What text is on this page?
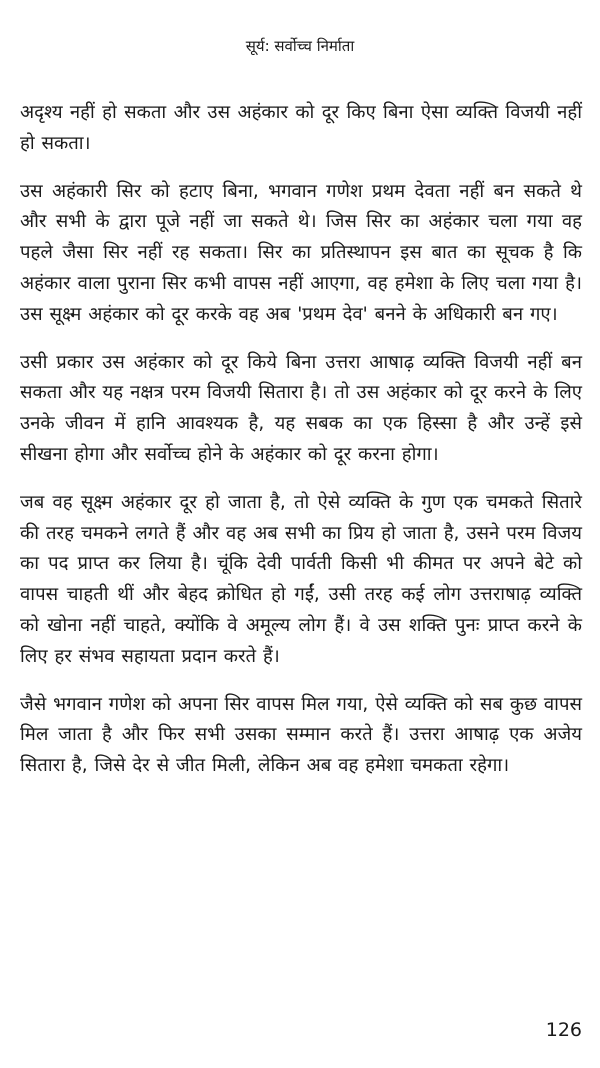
सूर्य: सर्वोच्च निर्माता

अदृश्य नहीं हो सकता और उस अहंकार को दूर किए बिना ऐसा व्यक्ति विजयी नहीं हो सकता।

उस अहंकारी सिर को हटाए बिना, भगवान गणेश प्रथम देवता नहीं बन सकते थे और सभी के द्वारा पूजे नहीं जा सकते थे। जिस सिर का अहंकार चला गया वह पहले जैसा सिर नहीं रह सकता। सिर का प्रतिस्थापन इस बात का सूचक है कि अहंकार वाला पुराना सिर कभी वापस नहीं आएगा, वह हमेशा के लिए चला गया है। उस सूक्ष्म अहंकार को दूर करके वह अब 'प्रथम देव' बनने के अधिकारी बन गए।

उसी प्रकार उस अहंकार को दूर किये बिना उत्तरा आषाढ़ व्यक्ति विजयी नहीं बन सकता और यह नक्षत्र परम विजयी सितारा है। तो उस अहंकार को दूर करने के लिए उनके जीवन में हानि आवश्यक है, यह सबक का एक हिस्सा है और उन्हें इसे सीखना होगा और सर्वोच्च होने के अहंकार को दूर करना होगा।

जब वह सूक्ष्म अहंकार दूर हो जाता है, तो ऐसे व्यक्ति के गुण एक चमकते सितारे की तरह चमकने लगते हैं और वह अब सभी का प्रिय हो जाता है, उसने परम विजय का पद प्राप्त कर लिया है। चूंकि देवी पार्वती किसी भी कीमत पर अपने बेटे को वापस चाहती थीं और बेहद क्रोधित हो गईं, उसी तरह कई लोग उत्तराषाढ़ व्यक्ति को खोना नहीं चाहते, क्योंकि वे अमूल्य लोग हैं। वे उस शक्ति पुनः प्राप्त करने के लिए हर संभव सहायता प्रदान करते हैं।

जैसे भगवान गणेश को अपना सिर वापस मिल गया, ऐसे व्यक्ति को सब कुछ वापस मिल जाता है और फिर सभी उसका सम्मान करते हैं। उत्तरा आषाढ़ एक अजेय सितारा है, जिसे देर से जीत मिली, लेकिन अब वह हमेशा चमकता रहेगा।

126
